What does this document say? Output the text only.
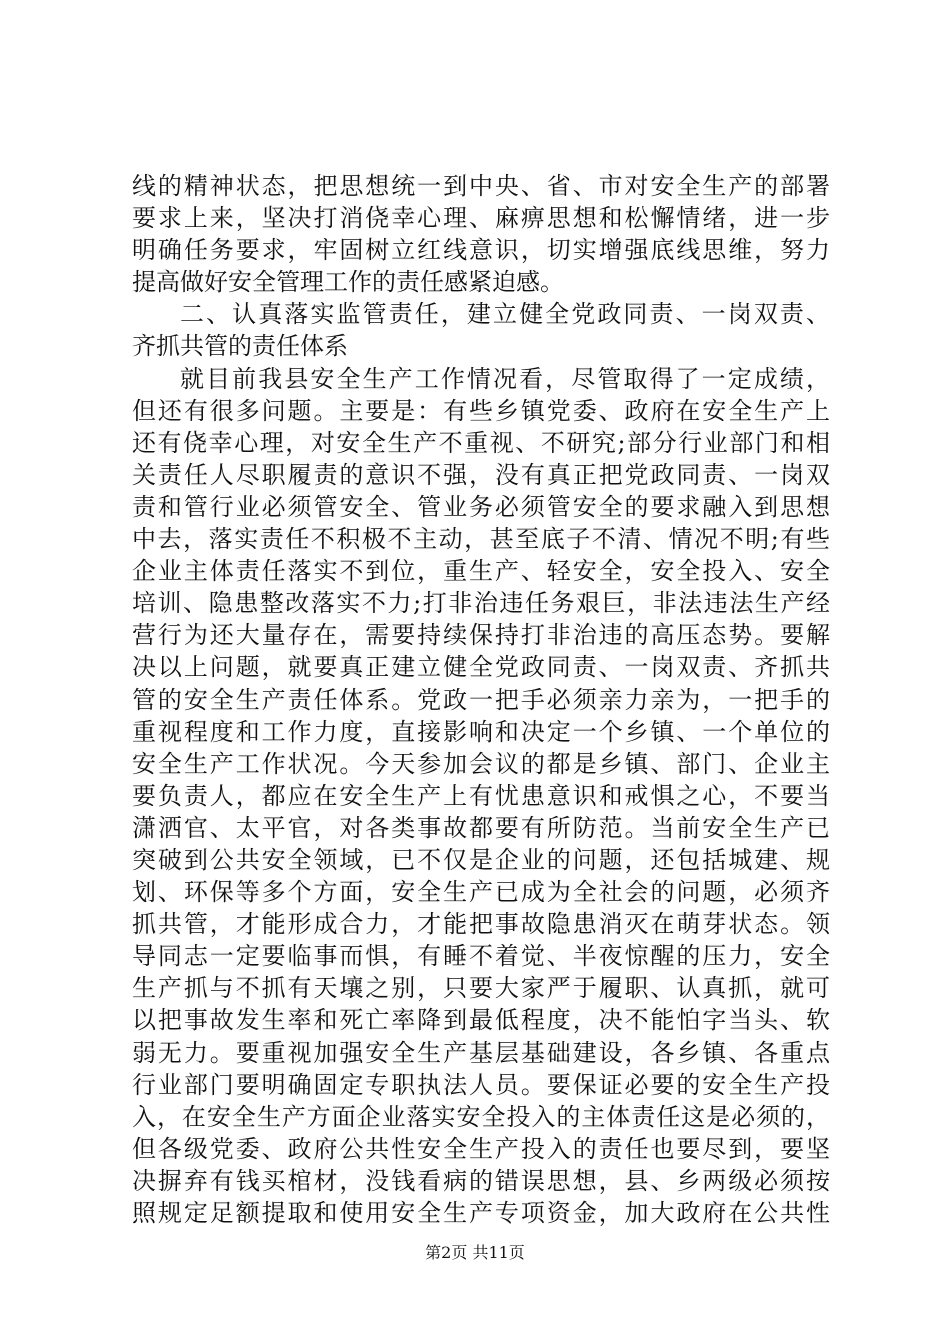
线的精神状态，把思想统一到中央、省、市对安全生产的部署
要求上来，坚决打消侥幸心理、麻痹思想和松懈情绪，进一步
明确任务要求，牢固树立红线意识，切实增强底线思维，努力
提高做好安全管理工作的责任感紧迫感。
二、认真落实监管责任，建立健全党政同责、一岗双责、
齐抓共管的责任体系
就目前我县安全生产工作情况看，尽管取得了一定成绩，
但还有很多问题。主要是：有些乡镇党委、政府在安全生产上
还有侥幸心理，对安全生产不重视、不研究;部分行业部门和相
关责任人尽职履责的意识不强，没有真正把党政同责、一岗双
责和管行业必须管安全、管业务必须管安全的要求融入到思想
中去，落实责任不积极不主动，甚至底子不清、情况不明;有些
企业主体责任落实不到位，重生产、轻安全，安全投入、安全
培训、隐患整改落实不力;打非治违任务艰巨，非法违法生产经
营行为还大量存在，需要持续保持打非治违的高压态势。要解
决以上问题，就要真正建立健全党政同责、一岗双责、齐抓共
管的安全生产责任体系。党政一把手必须亲力亲为，一把手的
重视程度和工作力度，直接影响和决定一个乡镇、一个单位的
安全生产工作状况。今天参加会议的都是乡镇、部门、企业主
要负责人，都应在安全生产上有忧患意识和戒惧之心，不要当
潇洒官、太平官，对各类事故都要有所防范。当前安全生产已
突破到公共安全领域，已不仅是企业的问题，还包括城建、规
划、环保等多个方面，安全生产已成为全社会的问题，必须齐
抓共管，才能形成合力，才能把事故隐患消灭在萌芽状态。领
导同志一定要临事而惧，有睡不着觉、半夜惊醒的压力，安全
生产抓与不抓有天壤之别，只要大家严于履职、认真抓，就可
以把事故发生率和死亡率降到最低程度，决不能怕字当头、软
弱无力。要重视加强安全生产基层基础建设，各乡镇、各重点
行业部门要明确固定专职执法人员。要保证必要的安全生产投
入，在安全生产方面企业落实安全投入的主体责任这是必须的，
但各级党委、政府公共性安全生产投入的责任也要尽到，要坚
决摒弃有钱买棺材，没钱看病的错误思想，县、乡两级必须按
照规定足额提取和使用安全生产专项资金，加大政府在公共性
第2页 共11页
